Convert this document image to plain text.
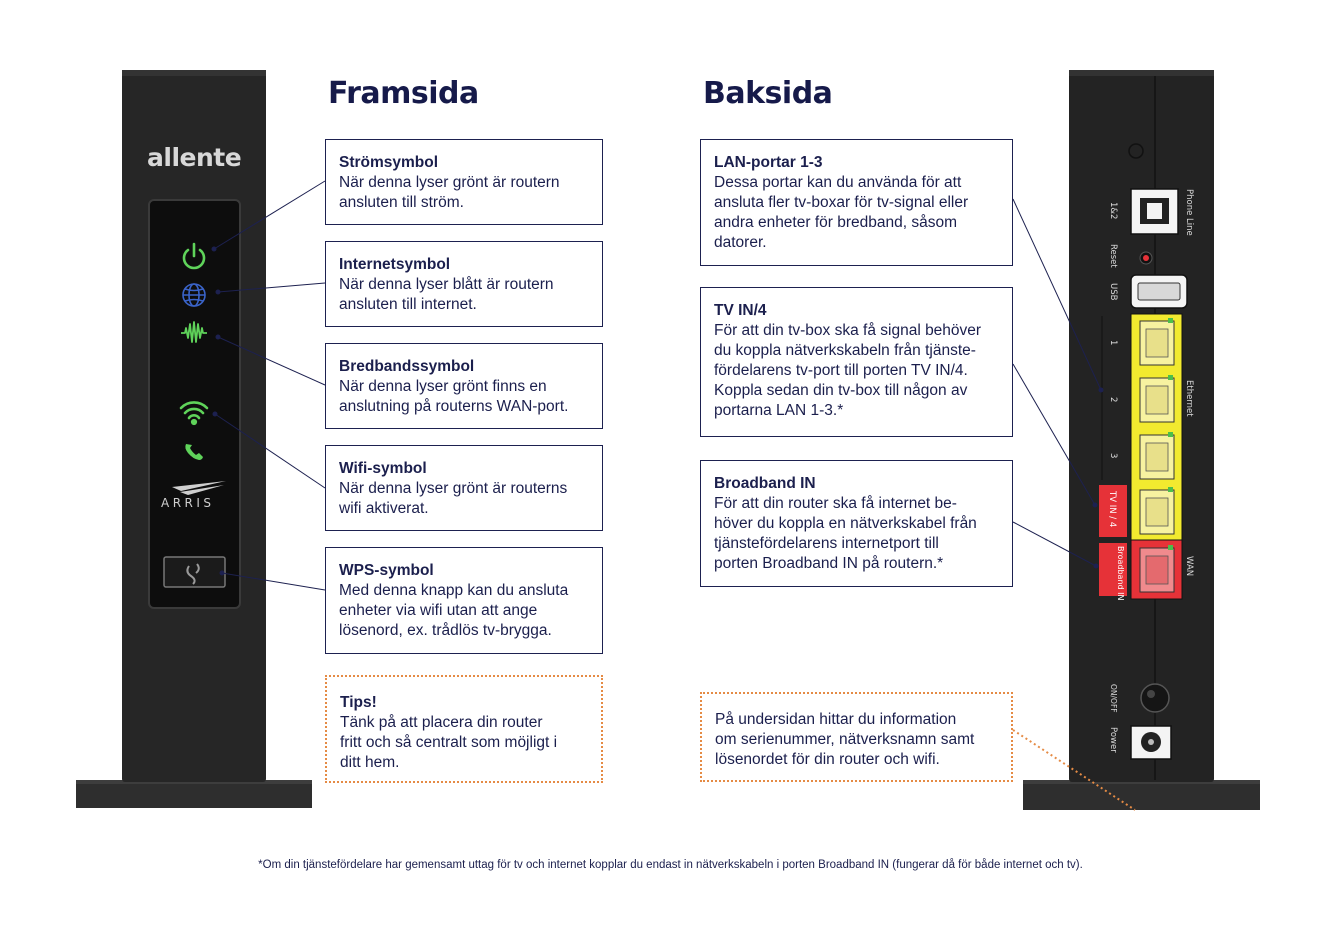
allente
ARRIS
Framsida
Strömsymbol
När denna lyser grönt är routern
ansluten till ström.
Internetsymbol
När denna lyser blått är routern
ansluten till internet.
Bredbandssymbol
När denna lyser grönt finns en
anslutning på routerns WAN-port.
Wifi-symbol
När denna lyser grönt är routerns
wifi aktiverat.
WPS-symbol
Med denna knapp kan du ansluta
enheter via wifi utan att ange
lösenord, ex. trådlös tv-brygga.
Tips!
Tänk på att placera din router
fritt och så centralt som möjligt i
ditt hem.
Baksida
LAN-portar 1-3
Dessa portar kan du använda för att
ansluta fler tv-boxar för tv-signal eller
andra enheter för bredband, såsom
datorer.
TV IN/4
För att din tv-box ska få signal behöver
du koppla nätverkskabeln från tjänste-
fördelarens tv-port till porten TV IN/4.
Koppla sedan din tv-box till någon av
portarna LAN 1-3.*
Broadband IN
För att din router ska få internet be-
höver du koppla en nätverkskabel från
tjänstefördelarens internetport till
porten Broadband IN på routern.*
På undersidan hittar du information
om serienummer, nätverksnamn samt
lösenordet för din router och wifi.
Phone Line
1&2
Reset
USB
Ethernet
1
2
3
TV IN / 4
Broadband IN	WAN
ON/OFF
Power
*Om din tjänstefördelare har gemensamt uttag för tv och internet kopplar du endast in nätverkskabeln i porten Broadband IN (fungerar då för både internet och tv).
